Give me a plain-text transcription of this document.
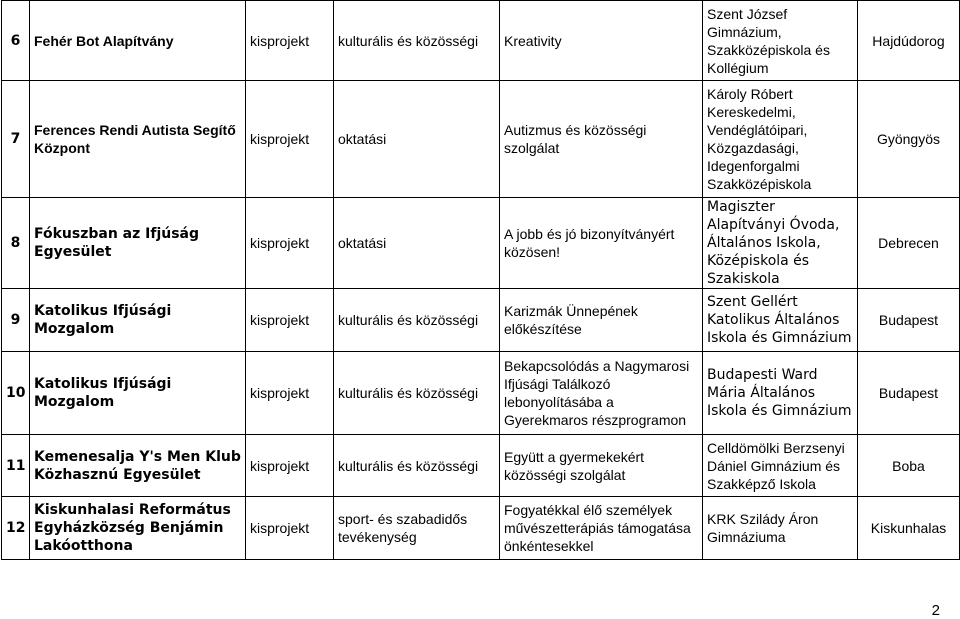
6	Fehér Bot Alapítvány	kisprojekt	kulturális és közösségi	Kreativity	Szent József Gimnázium, Szakközépiskola és Kollégium	Hajdúdorog
7	Ferences Rendi Autista Segítő Központ	kisprojekt	oktatási	Autizmus és közösségi szolgálat	Károly Róbert Kereskedelmi, Vendéglátóipari, Közgazdasági, Idegenforgalmi Szakközépiskola	Gyöngyös
8	Fókuszban az Ifjúság Egyesület	kisprojekt	oktatási	A jobb és jó bizonyítványért közösen!	Magiszter Alapítványi Óvoda, Általános Iskola, Középiskola és Szakiskola	Debrecen
9	Katolikus Ifjúsági Mozgalom	kisprojekt	kulturális és közösségi	Karizmák Ünnepének előkészítése	Szent Gellért Katolikus Általános Iskola és Gimnázium	Budapest
10	Katolikus Ifjúsági Mozgalom	kisprojekt	kulturális és közösségi	Bekapcsolódás a Nagymarosi Ifjúsági Találkozó lebonyolításába a Gyerekmaros részprogramon	Budapesti Ward Mária Általános Iskola és Gimnázium	Budapest
11	Kemenesalja Y's Men Klub Közhasznú Egyesület	kisprojekt	kulturális és közösségi	Együtt a gyermekekért közösségi szolgálat	Celldömölki Berzsenyi Dániel Gimnázium és Szakképző Iskola	Boba
12	Kiskunhalasi Református Egyházközség Benjámin Lakóotthona	kisprojekt	sport- és szabadidős tevékenység	Fogyatékkal élő személyek művészetterápiás támogatása önkéntesekkel	KRK Szilády Áron Gimnáziuma	Kiskunhalas
2
